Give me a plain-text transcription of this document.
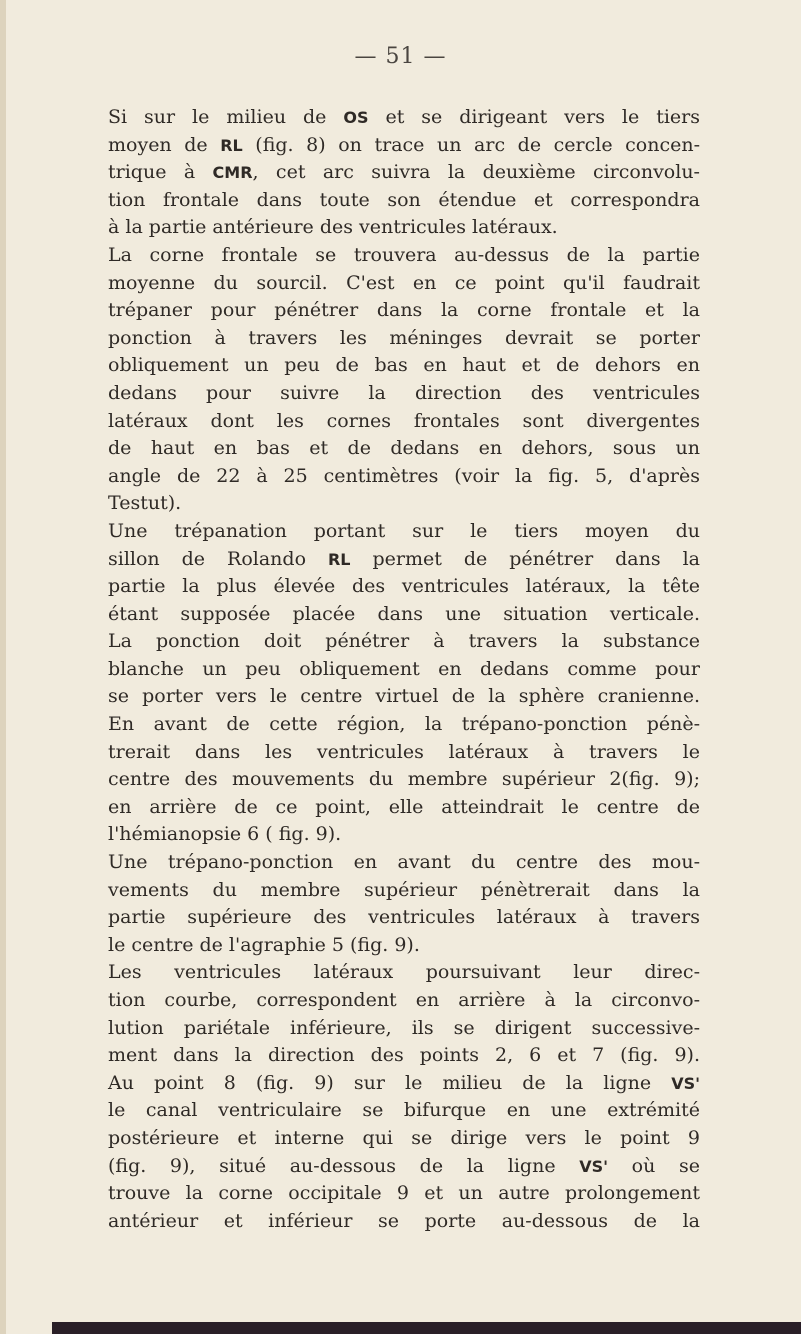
— 51 —
Si sur le milieu de OS et se dirigeant vers le tiers
moyen de RL (fig. 8) on trace un arc de cercle concen-
trique à CMR, cet arc suivra la deuxième circonvolu-
tion frontale dans toute son étendue et correspondra
à la partie antérieure des ventricules latéraux.
La corne frontale se trouvera au-dessus de la partie
moyenne du sourcil. C'est en ce point qu'il faudrait
trépaner pour pénétrer dans la corne frontale et la
ponction à travers les méninges devrait se porter
obliquement un peu de bas en haut et de dehors en
dedans pour suivre la direction des ventricules
latéraux dont les cornes frontales sont divergentes
de haut en bas et de dedans en dehors, sous un
angle de 22 à 25 centimètres (voir la fig. 5, d'après
Testut).
Une trépanation portant sur le tiers moyen du
sillon de Rolando RL permet de pénétrer dans la
partie la plus élevée des ventricules latéraux, la tête
étant supposée placée dans une situation verticale.
La ponction doit pénétrer à travers la substance
blanche un peu obliquement en dedans comme pour
se porter vers le centre virtuel de la sphère cranienne.
En avant de cette région, la trépano-ponction pénè-
trerait dans les ventricules latéraux à travers le
centre des mouvements du membre supérieur 2(fig. 9);
en arrière de ce point, elle atteindrait le centre de
l'hémianopsie 6 ( fig. 9).
Une trépano-ponction en avant du centre des mou-
vements du membre supérieur pénètrerait dans la
partie supérieure des ventricules latéraux à travers
le centre de l'agraphie 5 (fig. 9).
Les ventricules latéraux poursuivant leur direc-
tion courbe, correspondent en arrière à la circonvo-
lution pariétale inférieure, ils se dirigent successive-
ment dans la direction des points 2, 6 et 7 (fig. 9).
Au point 8 (fig. 9) sur le milieu de la ligne VS'
le canal ventriculaire se bifurque en une extrémité
postérieure et interne qui se dirige vers le point 9
(fig. 9), situé au-dessous de la ligne VS' où se
trouve la corne occipitale 9 et un autre prolongement
antérieur et inférieur se porte au-dessous de la
